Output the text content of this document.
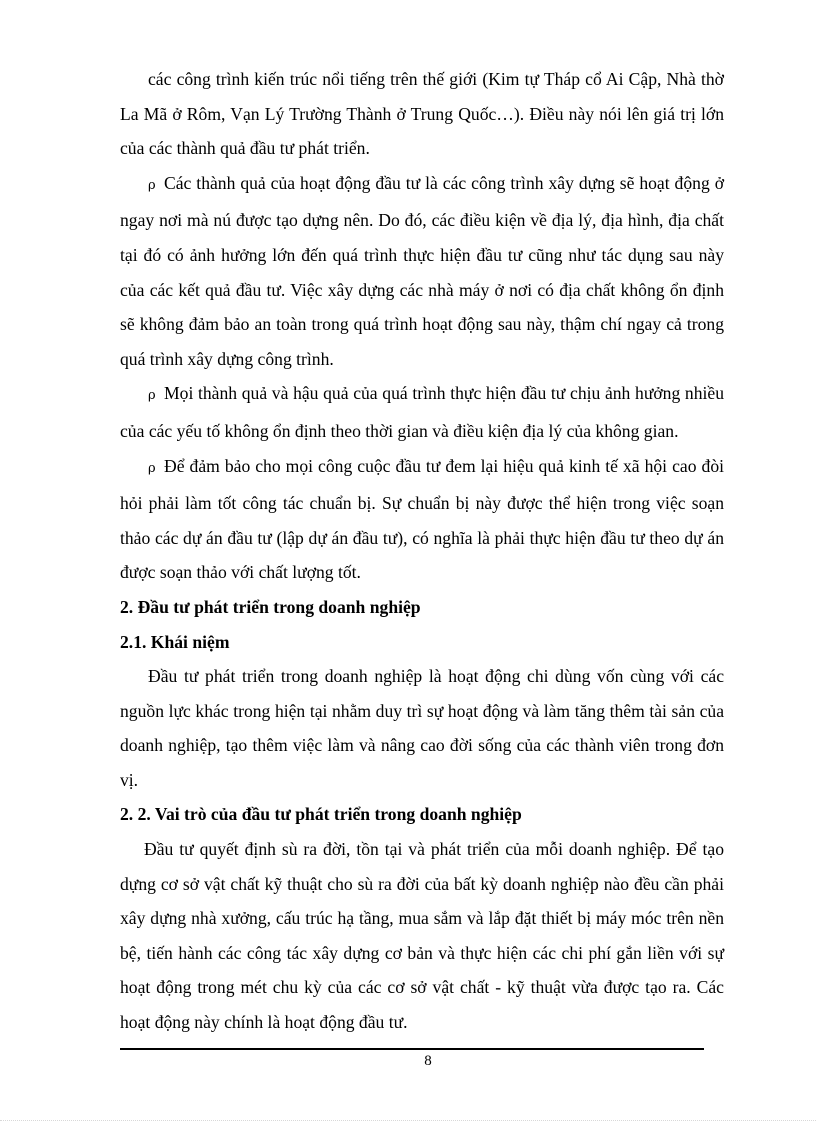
các công trình kiến trúc nổi tiếng trên thế giới (Kim tự Tháp cổ Ai Cập, Nhà thờ La Mã ở Rôm, Vạn Lý Trường Thành ở Trung Quốc…). Điều này nói lên giá trị lớn của các thành quả đầu tư phát triển.

ρ Các thành quả của hoạt động đầu tư là các công trình xây dựng sẽ hoạt động ở ngay nơi mà nú được tạo dựng nên. Do đó, các điều kiện về địa lý, địa hình, địa chất tại đó có ảnh hưởng lớn đến quá trình thực hiện đầu tư cũng như tác dụng sau này của các kết quả đầu tư. Việc xây dựng các nhà máy ở nơi có địa chất không ổn định sẽ không đảm bảo an toàn trong quá trình hoạt động sau này, thậm chí ngay cả trong quá trình xây dựng công trình.

ρ Mọi thành quả và hậu quả của quá trình thực hiện đầu tư chịu ảnh hưởng nhiều của các yếu tố không ổn định theo thời gian và điều kiện địa lý của không gian.

ρ Để đảm bảo cho mọi công cuộc đầu tư đem lại hiệu quả kinh tế xã hội cao đòi hỏi phải làm tốt công tác chuẩn bị. Sự chuẩn bị này được thể hiện trong việc soạn thảo các dự án đầu tư (lập dự án đầu tư), có nghĩa là phải thực hiện đầu tư theo dự án được soạn thảo với chất lượng tốt.

2. Đầu tư phát triển trong doanh nghiệp

2.1. Khái niệm

Đầu tư phát triển trong doanh nghiệp là hoạt động chi dùng vốn cùng với các nguồn lực khác trong hiện tại nhằm duy trì sự hoạt động và làm tăng thêm tài sản của doanh nghiệp, tạo thêm việc làm và nâng cao đời sống của các thành viên trong đơn vị.

2. 2. Vai trò của đầu tư phát triển trong doanh nghiệp

Đầu tư quyết định sù ra đời, tồn tại và phát triển của mỗi doanh nghiệp. Để tạo dựng cơ sở vật chất kỹ thuật cho sù ra đời của bất kỳ doanh nghiệp nào đều cần phải xây dựng nhà xưởng, cấu trúc hạ tầng, mua sắm và lắp đặt thiết bị máy móc trên nền bệ, tiến hành các công tác xây dựng cơ bản và thực hiện các chi phí gắn liền với sự hoạt động trong mét chu kỳ của các cơ sở vật chất - kỹ thuật vừa được tạo ra. Các hoạt động này chính là hoạt động đầu tư.

8
